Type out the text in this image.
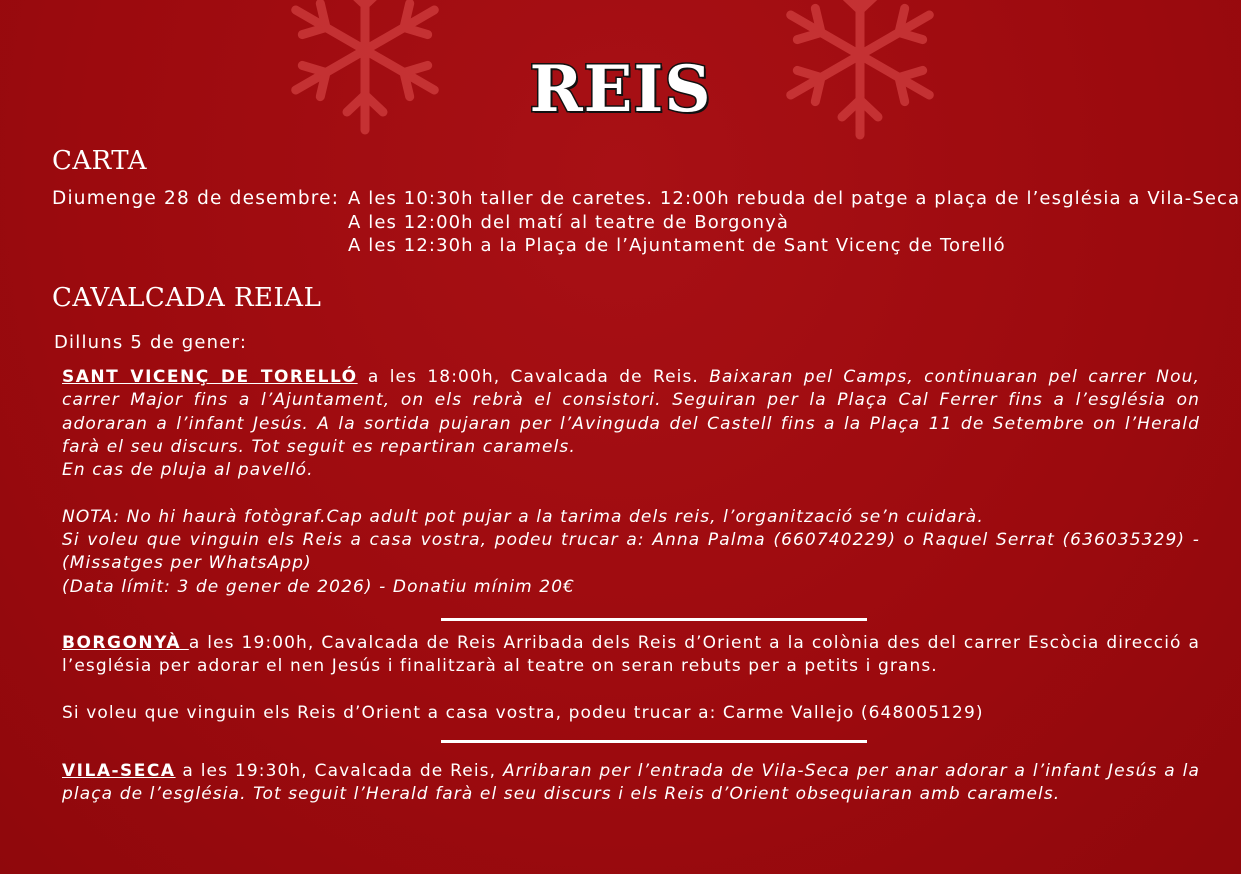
REIS
CARTA
Diumenge 28 de desembre: A les 10:30h taller de caretes. 12:00h rebuda del patge a plaça de l’església a Vila-Seca
A les 12:00h del matí al teatre de Borgonyà
A les 12:30h a la Plaça de l’Ajuntament de Sant Vicenç de Torelló
CAVALCADA REIAL
Dilluns 5 de gener:
SANT VICENÇ DE TORELLÓ a les 18:00h, Cavalcada de Reis. Baixaran pel Camps, continuaran pel carrer Nou, carrer Major fins a l’Ajuntament, on els rebrà el consistori. Seguiran per la Plaça Cal Ferrer fins a l’església on adoraran a l’infant Jesús. A la sortida pujaran per l’Avinguda del Castell fins a la Plaça 11 de Setembre on l’Herald farà el seu discurs. Tot seguit es repartiran caramels.
En cas de pluja al pavelló.

NOTA: No hi haurà fotògraf.Cap adult pot pujar a la tarima dels reis, l’organització se’n cuidarà.
Si voleu que vinguin els Reis a casa vostra, podeu trucar a: Anna Palma (660740229) o Raquel Serrat (636035329) - (Missatges per WhatsApp)
(Data límit: 3 de gener de 2026) - Donatiu mínim 20€
BORGONYÀ a les 19:00h, Cavalcada de Reis Arribada dels Reis d’Orient a la colònia des del carrer Escòcia direcció a l’església per adorar el nen Jesús i finalitzarà al teatre on seran rebuts per a petits i grans.

Si voleu que vinguin els Reis d’Orient a casa vostra, podeu trucar a: Carme Vallejo (648005129)
VILA-SECA a les 19:30h, Cavalcada de Reis, Arribaran per l’entrada de Vila-Seca per anar adorar a l’infant Jesús a la plaça de l’església. Tot seguit l’Herald farà el seu discurs i els Reis d’Orient obsequiaran amb caramels.
